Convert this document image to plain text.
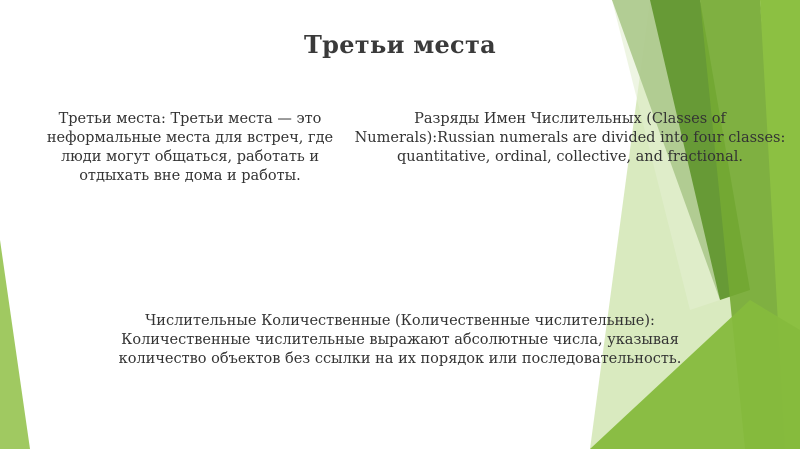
Третьи места
Третьи места: Третьи места — это неформальные места для встреч, где люди могут общаться, работать и отдыхать вне дома и работы.
Разряды Имен Числительных (Classes of Numerals):Russian numerals are divided into four classes: quantitative, ordinal, collective, and fractional.
Числительные Количественные (Количественные числительные): Количественные числительные выражают абсолютные числа, указывая количество объектов без ссылки на их порядок или последовательность.
